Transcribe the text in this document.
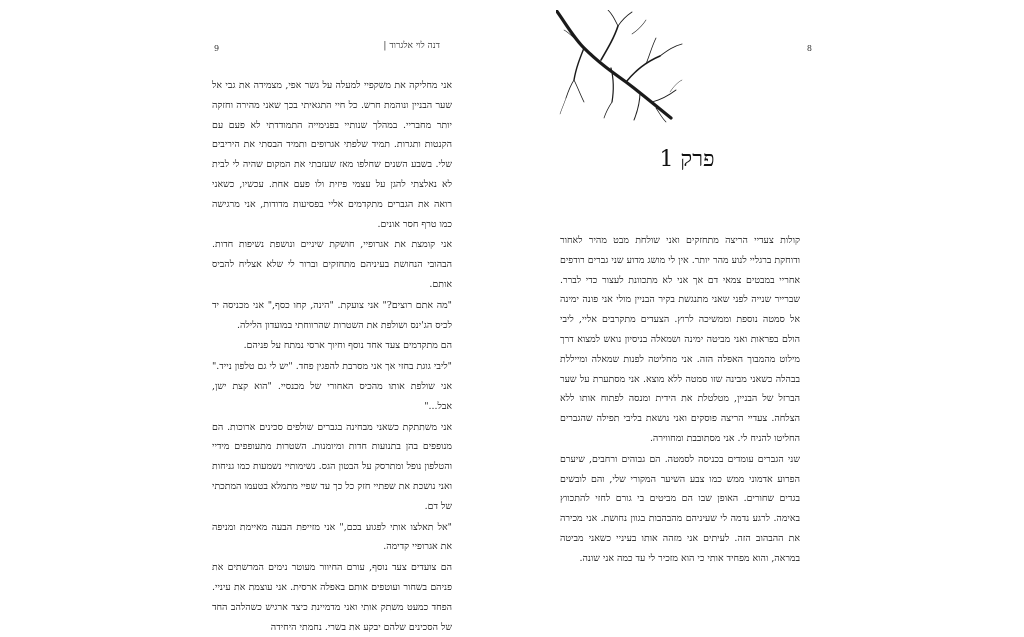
דנה לוי אלגרוד |
9

אני מחליקה את משקפיי למעלה על גשר אפי, מצמידה את גבי אל שער הבניין ונוהמת חרש. כל חיי התגאיתי בכך שאני מהירה וחזקה יותר מחבריי. במהלך שנותיי בפנימייה התמודדתי לא פעם עם הקנטות ותגרות. תמיד שלפתי אגרופים ותמיד הבסתי את היריבים שלי. בשבע השנים שחלפו מאז שעזבתי את המקום שהיה לי לבית לא נאלצתי להגן על עצמי פיזית ולו פעם אחת. עכשיו, כשאני רואה את הגברים מתקדמים אליי בפסיעות מדודות, אני מרגישה כמו טרף חסר אונים.

אני קומצת את אגרופיי, חושקת שיניים ונושפת נשיפות חדות. הבהובי הנחושת בעיניהם מתחזקים וברור לי שלא אצליח להביס אותם.

"מה אתם רוצים?" אני צועקת. "הינה, קחו כסף," אני מכניסה יד לכיס הג'ינס ושולפת את השטרות שהרווחתי במועדון הלילה.

הם מתקדמים צעד אחד נוסף וחיוך ארסי נמתח על פניהם.

"ליבי גוגת בחזי אך אני מסרבת להפגין פחד. "יש לי גם טלפון נייד." אני שולפת אותו מהכיס האחורי של מכנסיי. "הוא קצת ישן, אבל..."

אני משתתקת כשאני מבחינה בגברים שולפים סכינים ארוכות. הם מנופפים בהן בתנועות חדות ומיומנות. השטרות מתעופפים מידיי והטלפון נופל ומתרסק על הבטון הגס. נשימותיי נשמעות כמו גניחות ואני נושכת את שפתיי חזק כל כך עד שפיי מתמלא בטעמו המתכתי של דם.

"אל תאלצו אותי לפגוע בכם," אני מזייפת הבעה מאיימת ומניפה את אגרופיי קדימה.

הם צועדים צעד נוסף, עורם החיוור מעוטר נימים המרשתים את פניהם בשחור ועוטפים אותם באפלה ארסית. אני עוצמת את עיניי. הפחד כמעט משתק אותי ואני מדמיינת כיצד ארגיש כשהלהב החד של הסכינים שלהם יבקע את בשרי. נחמתי היחידה

8
פרק 1

קולות צעדיי הריצה מתחזקים ואני שולחת מבט מהיר לאחור ודוחקת ברגליי לנוע מהר יותר. אין לי מושג מדוע שני גברים רודפים אחריי במבטים צמאי דם אך אני לא מתכוונת לעצור כדי לברר. שברייר שנייה לפני שאני מתנגשת בקיר הבניין מולי אני פונה ימינה אל סמטה נוספת וממשיכה לרוץ. הצעדים מתקרבים אליי, ליבי הולם בפראות ואני מביטה ימינה ושמאלה בניסיון נואש למצוא דרך מילוט מהמבוך האפלה הזה. אני מחליטה לפנות שמאלה ומייללת בבהלה כשאני מבינה שזו סמטה ללא מוצא. אני מסתערת על שער הברזל של הבניין, מטלטלת את הידית ומנסה לפתוח אותו ללא הצלחה. צעדיי הריצה פוסקים ואני נושאת בליבי תפילה שהגברים החליטו להניח לי. אני מסתובבת ומחווירה.

שני הגברים עומדים בכניסה לסמטה. הם גבוהים ורחבים, שיערם הפרוע אדמוני ממש כמו צבע השיער המקורי שלי, והם לובשים בגדים שחורים. האופן שבו הם מביטים בי גורם לחזי להתכווץ באימה. לרגע נדמה לי שעיניהם מהבהבות בגוון נחושת. אני מכירה את ההבהוב הזה. לעיתים אני מזהה אותו בעיניי כשאני מביטה במראה, והוא מפחיד אותי כי הוא מזכיר לי עד כמה אני שונה.
